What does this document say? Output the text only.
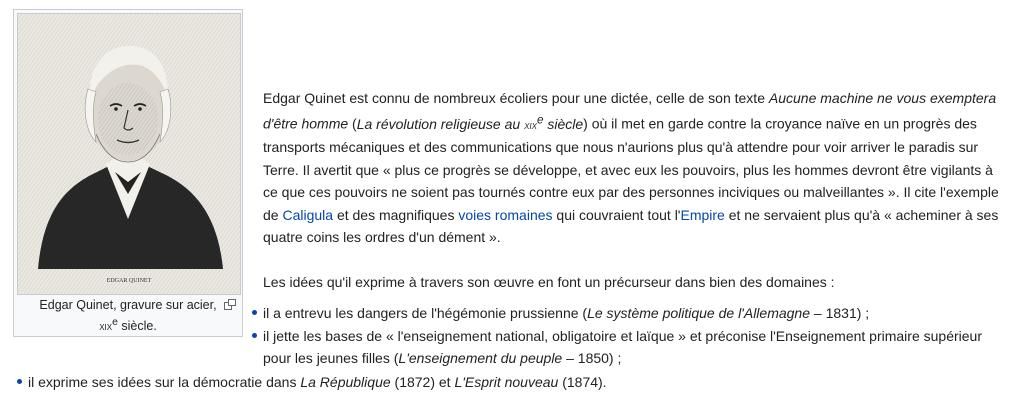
EDGAR QUINET
Edgar Quinet, gravure sur acier,
xix$^e$ siècle.
Edgar Quinet est connu de nombreux écoliers pour une dictée, celle de son texte Aucune machine ne vous exemptera d'être homme (La révolution religieuse au xix$^e$ siècle) où il met en garde contre la croyance naïve en un progrès des transports mécaniques et des communications que nous n'aurions plus qu'à attendre pour voir arriver le paradis sur Terre. Il avertit que « plus ce progrès se développe, et avec eux les pouvoirs, plus les hommes devront être vigilants à ce que ces pouvoirs ne soient pas tournés contre eux par des personnes inciviques ou malveillantes ». Il cite l'exemple de Caligula et des magnifiques voies romaines qui couvraient tout l'Empire et ne servaient plus qu'à « acheminer à ses quatre coins les ordres d'un dément ».
Les idées qu'il exprime à travers son œuvre en font un précurseur dans bien des domaines :
il a entrevu les dangers de l'hégémonie prussienne (Le système politique de l'Allemagne – 1831) ;
il jette les bases de « l'enseignement national, obligatoire et laïque » et préconise l'Enseignement primaire supérieur pour les jeunes filles (L'enseignement du peuple – 1850) ;
il exprime ses idées sur la démocratie dans La République (1872) et L'Esprit nouveau (1874).
